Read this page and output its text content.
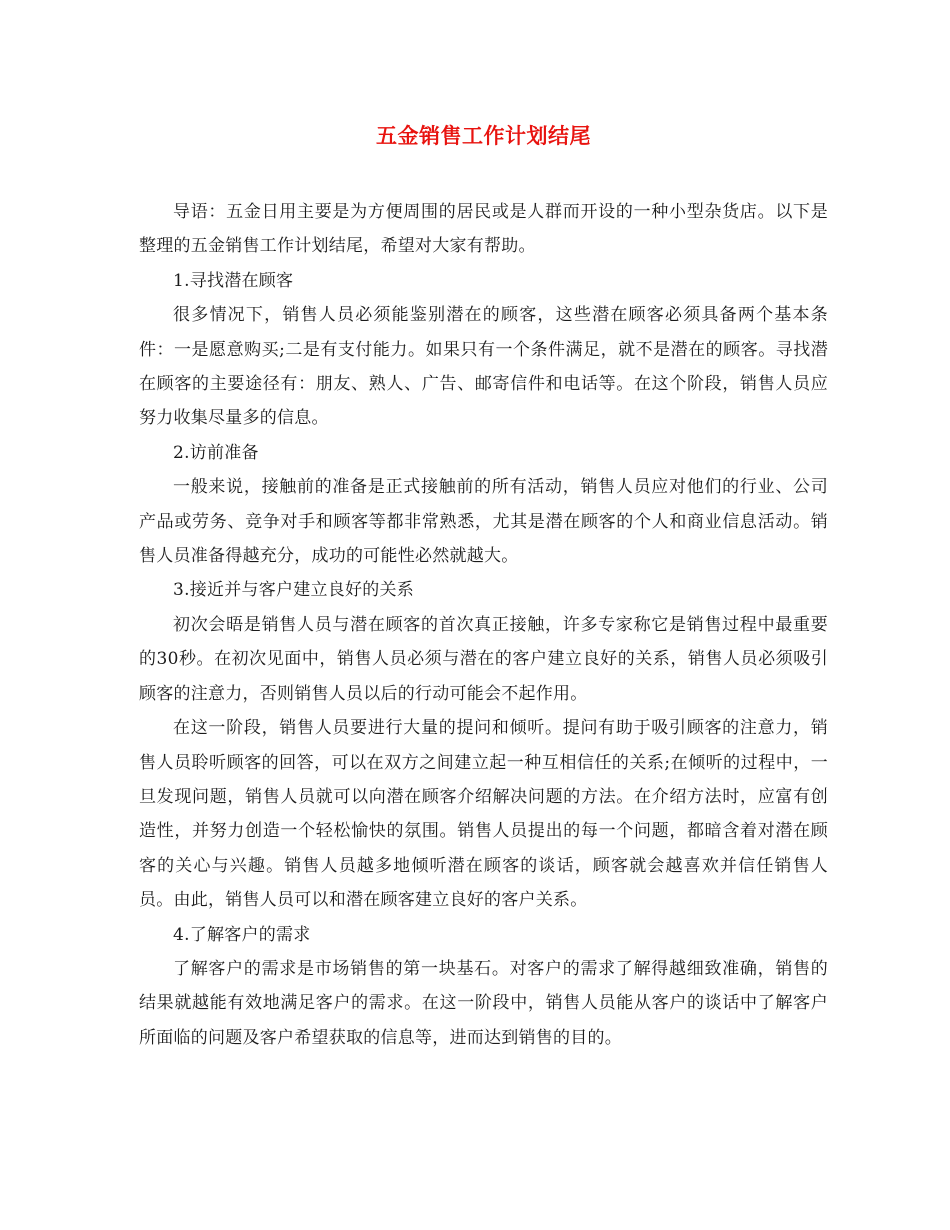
五金销售工作计划结尾

导语：五金日用主要是为方便周围的居民或是人群而开设的一种小型杂货店。以下是整理的五金销售工作计划结尾，希望对大家有帮助。

1.寻找潜在顾客

很多情况下，销售人员必须能鉴别潜在的顾客，这些潜在顾客必须具备两个基本条件：一是愿意购买;二是有支付能力。如果只有一个条件满足，就不是潜在的顾客。寻找潜在顾客的主要途径有：朋友、熟人、广告、邮寄信件和电话等。在这个阶段，销售人员应努力收集尽量多的信息。

2.访前准备

一般来说，接触前的准备是正式接触前的所有活动，销售人员应对他们的行业、公司产品或劳务、竞争对手和顾客等都非常熟悉，尤其是潜在顾客的个人和商业信息活动。销售人员准备得越充分，成功的可能性必然就越大。

3.接近并与客户建立良好的关系

初次会晤是销售人员与潜在顾客的首次真正接触，许多专家称它是销售过程中最重要的30秒。在初次见面中，销售人员必须与潜在的客户建立良好的关系，销售人员必须吸引顾客的注意力，否则销售人员以后的行动可能会不起作用。

在这一阶段，销售人员要进行大量的提问和倾听。提问有助于吸引顾客的注意力，销售人员聆听顾客的回答，可以在双方之间建立起一种互相信任的关系;在倾听的过程中，一旦发现问题，销售人员就可以向潜在顾客介绍解决问题的方法。在介绍方法时，应富有创造性，并努力创造一个轻松愉快的氛围。销售人员提出的每一个问题，都暗含着对潜在顾客的关心与兴趣。销售人员越多地倾听潜在顾客的谈话，顾客就会越喜欢并信任销售人员。由此，销售人员可以和潜在顾客建立良好的客户关系。

4.了解客户的需求

了解客户的需求是市场销售的第一块基石。对客户的需求了解得越细致准确，销售的结果就越能有效地满足客户的需求。在这一阶段中，销售人员能从客户的谈话中了解客户所面临的问题及客户希望获取的信息等，进而达到销售的目的。
